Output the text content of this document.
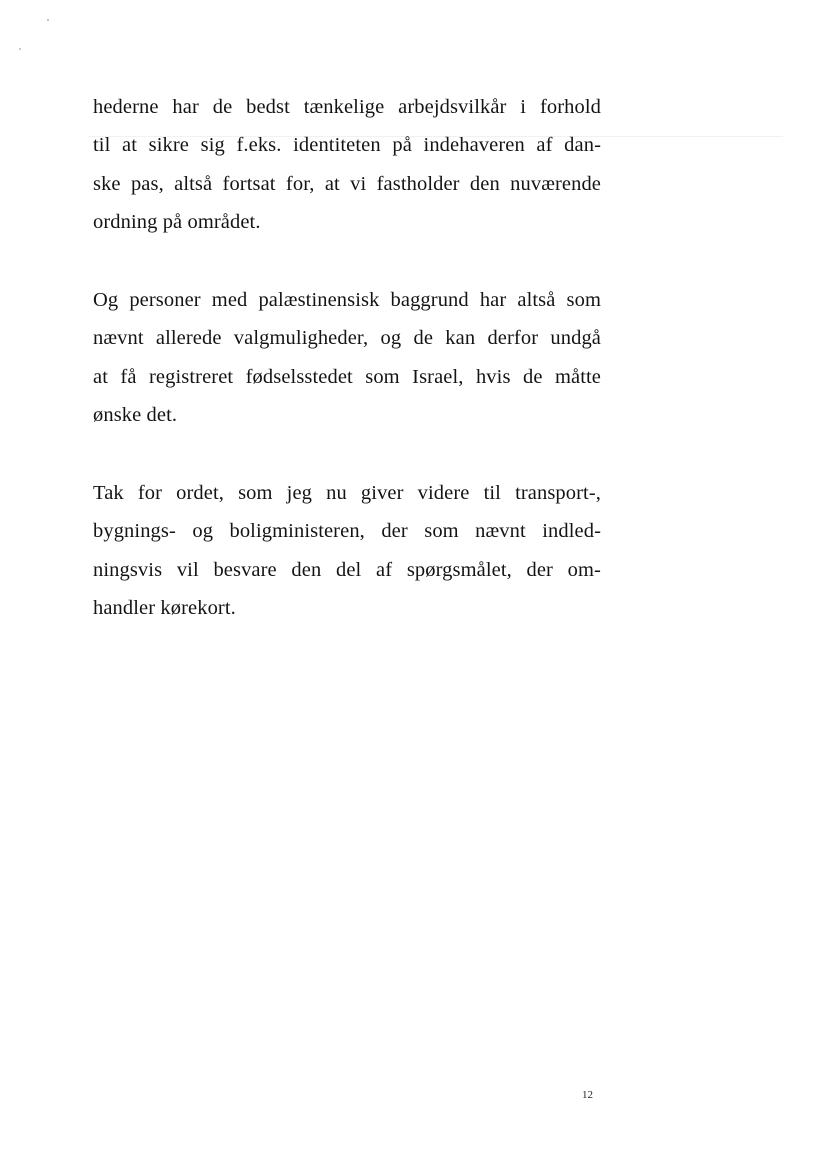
hederne har de bedst tænkelige arbejdsvilkår i forhold
til at sikre sig f.eks. identiteten på indehaveren af dan-
ske pas, altså fortsat for, at vi fastholder den nuværende
ordning på området.

Og personer med palæstinensisk baggrund har altså som
nævnt allerede valgmuligheder, og de kan derfor undgå
at få registreret fødselsstedet som Israel, hvis de måtte
ønske det.

Tak for ordet, som jeg nu giver videre til transport-,
bygnings- og boligministeren, der som nævnt indled-
ningsvis vil besvare den del af spørgsmålet, der om-
handler kørekort.

12
